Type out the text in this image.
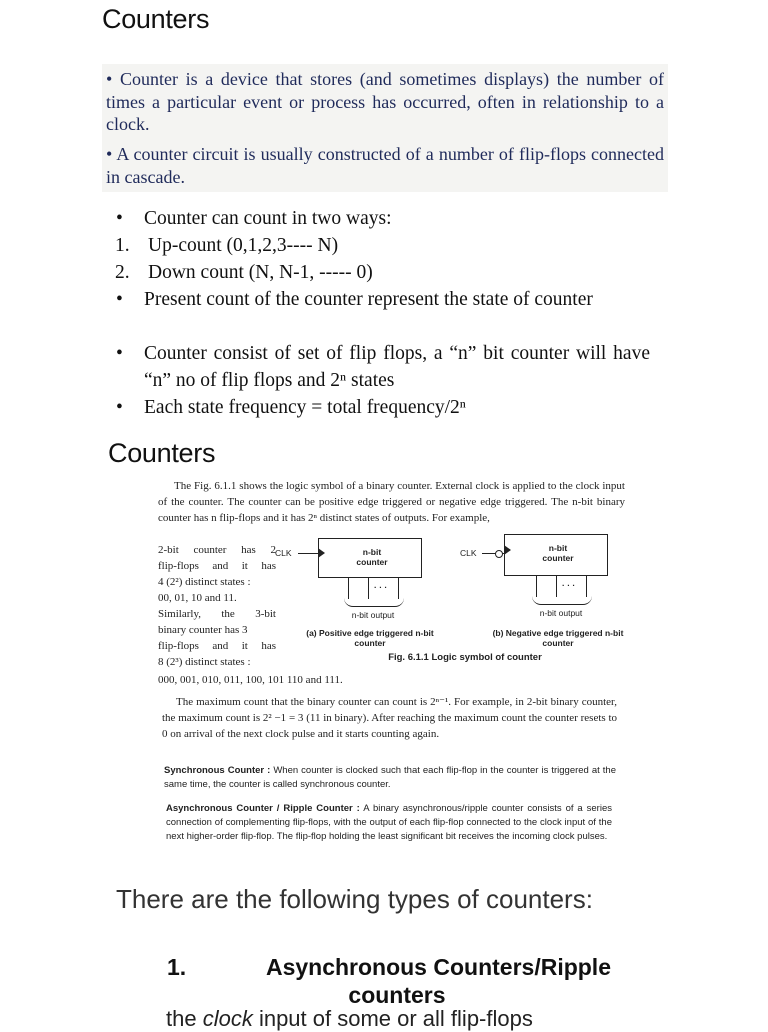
Counters
• Counter is a device that stores (and sometimes displays) the number of times a particular event or process has occurred, often in relationship to a clock.
• A counter circuit is usually constructed of a number of flip-flops connected in cascade.
• Counter can count in two ways:
1. Up-count (0,1,2,3---- N)
2. Down count (N, N-1, ----- 0)
• Present count of the counter represent the state of counter
• Counter consist of set of flip flops, a “n” bit counter will have “n” no of flip flops and 2ⁿ states
• Each state frequency = total frequency/2ⁿ
Counters

The Fig. 6.1.1 shows the logic symbol of a binary counter. External clock is applied to the clock input of the counter. The counter can be positive edge triggered or negative edge triggered. The n-bit binary counter has n flip-flops and it has 2ⁿ distinct states of outputs. For example,

2-bit counter has 2
flip-flops and it has
4 (2²) distinct states :
00, 01, 10 and 11.
Similarly, the 3-bit
binary counter has 3
flip-flops and it has
8 (2³) distinct states :

000, 001, 010, 011, 100, 101 110 and 111.

CLK	n-bit counter
· · ·
n-bit output
(a) Positive edge triggered n-bit counter
CLK	n-bit counter
· · ·
n-bit output
(b) Negative edge triggered n-bit counter
Fig. 6.1.1 Logic symbol of counter

The maximum count that the binary counter can count is 2ⁿ⁻¹. For example, in 2-bit binary counter, the maximum count is 2² −1 = 3 (11 in binary). After reaching the maximum count the counter resets to 0 on arrival of the next clock pulse and it starts counting again.

Synchronous Counter : When counter is clocked such that each flip-flop in the counter is triggered at the same time, the counter is called synchronous counter.

Asynchronous Counter / Ripple Counter : A binary asynchronous/ripple counter consists of a series connection of complementing flip-flops, with the output of each flip-flop connected to the clock input of the next higher-order flip-flop. The flip-flop holding the least significant bit receives the incoming clock pulses.

There are the following types of counters:
1.	Asynchronous Counters/Ripple
counters
the clock input of some or all flip-flops
